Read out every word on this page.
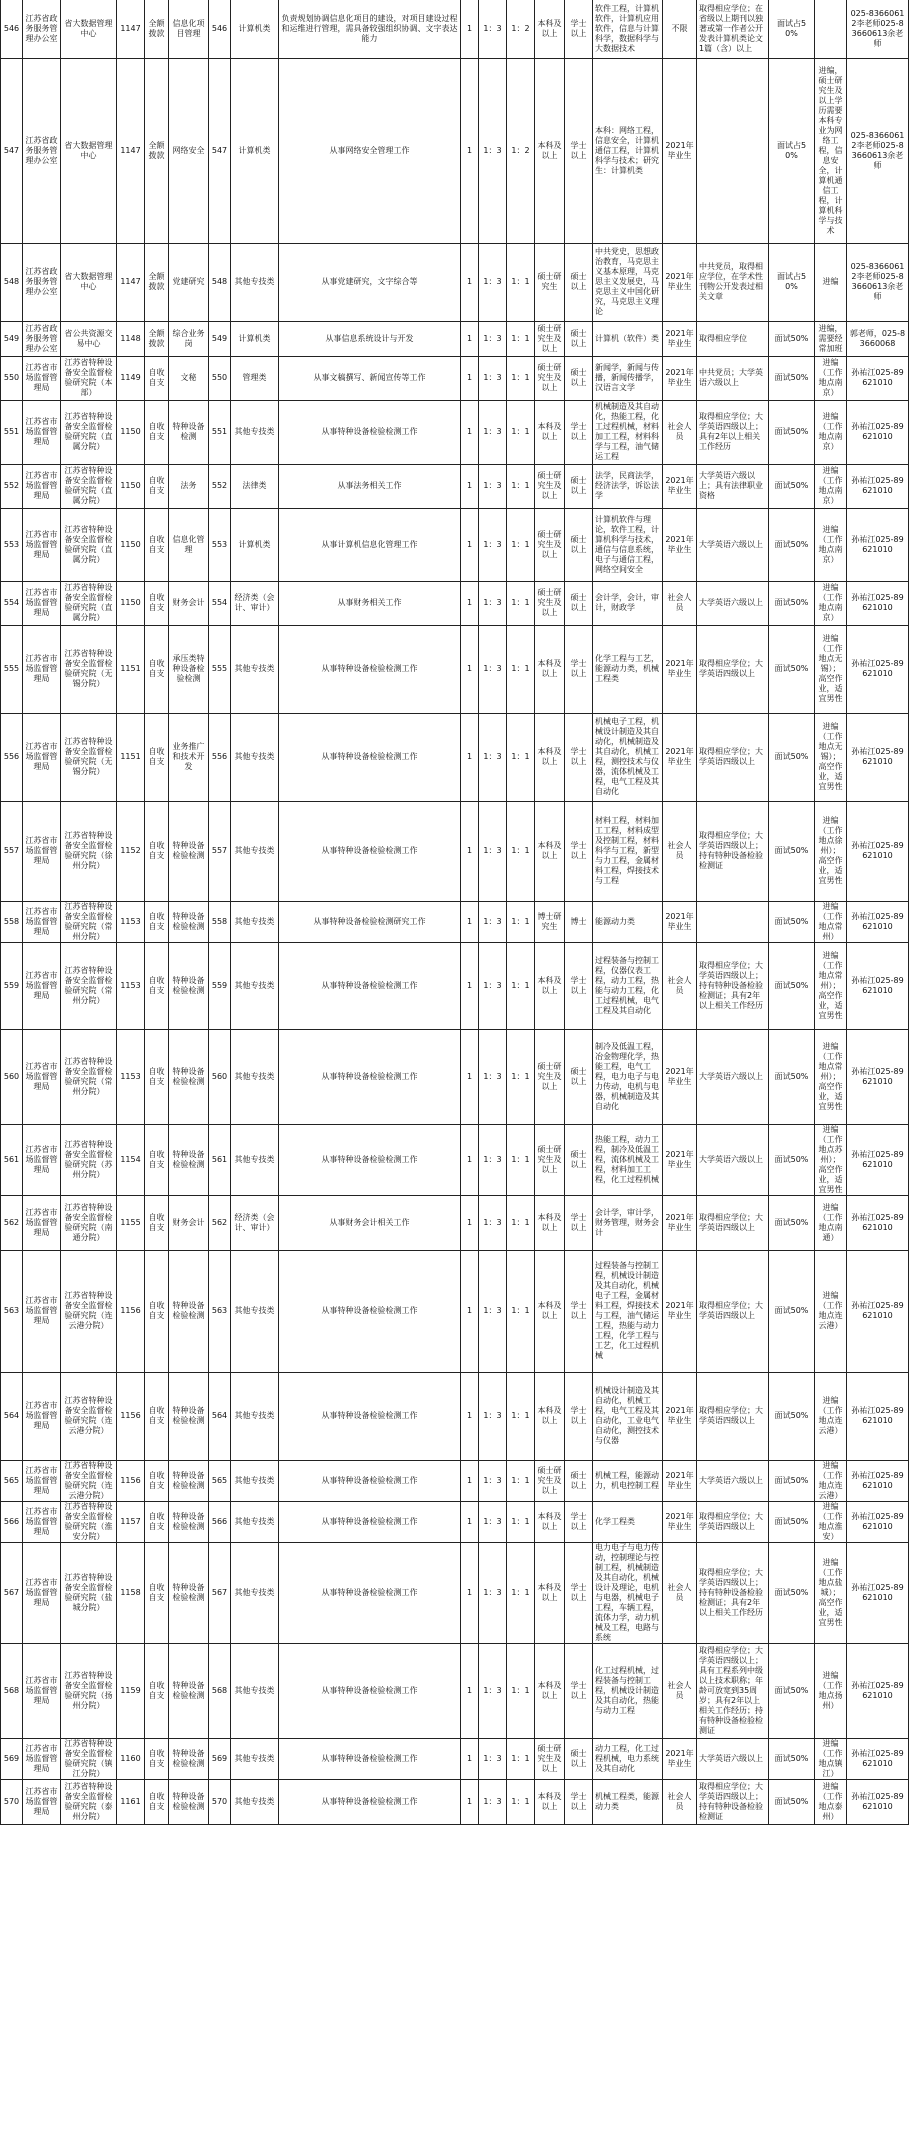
546	江苏省政务服务管理办公室	省大数据管理中心	1147	全额拨款	信息化项目管理	546	计算机类	负责规划协调信息化项目的建设，对项目建设过程和运维进行管理，需具备较强组织协调、文字表达能力	1	1：3	1：2	本科及以上	学士以上	软件工程，计算机软件，计算机应用软件，信息与计算科学，数据科学与大数据技术	不限	取得相应学位；在省级以上期刊以独著或第一作者公开发表计算机类论文1篇（含）以上	面试占50%		025-83660612李老师025-83660613余老师
547	江苏省政务服务管理办公室	省大数据管理中心	1147	全额拨款	网络安全	547	计算机类	从事网络安全管理工作	1	1：3	1：2	本科及以上	学士以上	本科：网络工程，信息安全，计算机通信工程，计算机科学与技术；研究生：计算机类	2021年毕业生		面试占50%	进编，硕士研究生及以上学历需要本科专业为网络工程，信息安全，计算机通信工程，计算机科学与技术	025-83660612李老师025-83660613余老师
548	江苏省政务服务管理办公室	省大数据管理中心	1147	全额拨款	党建研究	548	其他专技类	从事党建研究，文字综合等	1	1：3	1：1	硕士研究生	硕士以上	中共党史，思想政治教育，马克思主义基本原理，马克思主义发展史，马克思主义中国化研究，马克思主义理论	2021年毕业生	中共党员，取得相应学位，在学术性刊物公开发表过相关文章	面试占50%	进编	025-83660612李老师025-83660613余老师
549	江苏省政务服务管理办公室	省公共资源交易中心	1148	全额拨款	综合业务岗	549	计算机类	从事信息系统设计与开发	1	1：3	1：1	硕士研究生及以上	硕士以上	计算机（软件）类	2021年毕业生	取得相应学位	面试50%	进编，需要经常加班	郭老师，025-83660068
550	江苏省市场监督管理局	江苏省特种设备安全监督检验研究院（本部）	1149	自收自支	文秘	550	管理类	从事文稿撰写、新闻宣传等工作	1	1：3	1：1	硕士研究生及以上	硕士以上	新闻学，新闻与传播，新闻传播学，汉语言文学	2021年毕业生	中共党员；大学英语六级以上	面试50%	进编（工作地点南京）	孙祐江025-89621010
551	江苏省市场监督管理局	江苏省特种设备安全监督检验研究院（直属分院）	1150	自收自支	特种设备检测	551	其他专技类	从事特种设备检验检测工作	1	1：3	1：1	本科及以上	学士以上	机械制造及其自动化，热能工程，化工过程机械，材料加工工程，材料科学与工程，油气储运工程	社会人员	取得相应学位；大学英语四级以上；具有2年以上相关工作经历	面试50%	进编（工作地点南京）	孙祐江025-89621010
552	江苏省市场监督管理局	江苏省特种设备安全监督检验研究院（直属分院）	1150	自收自支	法务	552	法律类	从事法务相关工作	1	1：3	1：1	硕士研究生及以上	硕士以上	法学，民商法学，经济法学，诉讼法学	2021年毕业生	大学英语六级以上；具有法律职业资格	面试50%	进编（工作地点南京）	孙祐江025-89621010
553	江苏省市场监督管理局	江苏省特种设备安全监督检验研究院（直属分院）	1150	自收自支	信息化管理	553	计算机类	从事计算机信息化管理工作	1	1：3	1：1	硕士研究生及以上	硕士以上	计算机软件与理论，软件工程，计算机科学与技术，通信与信息系统，电子与通信工程，网络空间安全	2021年毕业生	大学英语六级以上	面试50%	进编（工作地点南京）	孙祐江025-89621010
554	江苏省市场监督管理局	江苏省特种设备安全监督检验研究院（直属分院）	1150	自收自支	财务会计	554	经济类（会计、审计）	从事财务相关工作	1	1：3	1：1	硕士研究生及以上	硕士以上	会计学，会计，审计，财政学	社会人员	大学英语六级以上	面试50%	进编（工作地点南京）	孙祐江025-89621010
555	江苏省市场监督管理局	江苏省特种设备安全监督检验研究院（无锡分院）	1151	自收自支	承压类特种设备检验检测	555	其他专技类	从事特种设备检验检测工作	1	1：3	1：1	本科及以上	学士以上	化学工程与工艺，能源动力类，机械工程类	2021年毕业生	取得相应学位；大学英语四级以上	面试50%	进编（工作地点无锡）；高空作业，适宜男性	孙祐江025-89621010
556	江苏省市场监督管理局	江苏省特种设备安全监督检验研究院（无锡分院）	1151	自收自支	业务推广和技术开发	556	其他专技类	从事特种设备检验检测工作	1	1：3	1：1	本科及以上	学士以上	机械电子工程，机械设计制造及其自动化，机械制造及其自动化，机械工程，测控技术与仪器，流体机械及工程，电气工程及其自动化	2021年毕业生	取得相应学位；大学英语四级以上	面试50%	进编（工作地点无锡）；高空作业，适宜男性	孙祐江025-89621010
557	江苏省市场监督管理局	江苏省特种设备安全监督检验研究院（徐州分院）	1152	自收自支	特种设备检验检测	557	其他专技类	从事特种设备检验检测工作	1	1：3	1：1	本科及以上	学士以上	材料工程，材料加工工程，材料成型及控制工程，材料科学与工程，新型与力工程，金属材料工程，焊接技术与工程	社会人员	取得相应学位；大学英语四级以上；持有特种设备检验检测证	面试50%	进编（工作地点徐州）；高空作业，适宜男性	孙祐江025-89621010
558	江苏省市场监督管理局	江苏省特种设备安全监督检验研究院（常州分院）	1153	自收自支	特种设备检验检测	558	其他专技类	从事特种设备检验检测研究工作	1	1：3	1：1	博士研究生	博士	能源动力类	2021年毕业生		面试50%	进编（工作地点常州）	孙祐江025-89621010
559	江苏省市场监督管理局	江苏省特种设备安全监督检验研究院（常州分院）	1153	自收自支	特种设备检验检测	559	其他专技类	从事特种设备检验检测工作	1	1：3	1：1	本科及以上	学士以上	过程装备与控制工程，仪器仪表工程，动力工程，热能与动力工程，化工过程机械，电气工程及其自动化	社会人员	取得相应学位；大学英语四级以上；持有特种设备检验检测证；具有2年以上相关工作经历	面试50%	进编（工作地点常州）；高空作业，适宜男性	孙祐江025-89621010
560	江苏省市场监督管理局	江苏省特种设备安全监督检验研究院（常州分院）	1153	自收自支	特种设备检验检测	560	其他专技类	从事特种设备检验检测工作	1	1：3	1：1	硕士研究生及以上	硕士以上	制冷及低温工程，冶金物理化学，热能工程，电气工程，电力电子与电力传动，电机与电器，机械制造及其自动化	2021年毕业生	大学英语六级以上	面试50%	进编（工作地点常州）；高空作业，适宜男性	孙祐江025-89621010
561	江苏省市场监督管理局	江苏省特种设备安全监督检验研究院（苏州分院）	1154	自收自支	特种设备检验检测	561	其他专技类	从事特种设备检验检测工作	1	1：3	1：1	硕士研究生及以上	硕士以上	热能工程，动力工程，制冷及低温工程，流体机械及工程，材料加工工程，化工过程机械	2021年毕业生	大学英语六级以上	面试50%	进编（工作地点苏州）；高空作业，适宜男性	孙祐江025-89621010
562	江苏省市场监督管理局	江苏省特种设备安全监督检验研究院（南通分院）	1155	自收自支	财务会计	562	经济类（会计、审计）	从事财务会计相关工作	1	1：3	1：1	本科及以上	学士以上	会计学，审计学，财务管理，财务会计	2021年毕业生	取得相应学位；大学英语四级以上	面试50%	进编（工作地点南通）	孙祐江025-89621010
563	江苏省市场监督管理局	江苏省特种设备安全监督检验研究院（连云港分院）	1156	自收自支	特种设备检验检测	563	其他专技类	从事特种设备检验检测工作	1	1：3	1：1	本科及以上	学士以上	过程装备与控制工程，机械设计制造及其自动化，机械电子工程，金属材料工程，焊接技术与工程，油气储运工程，热能与动力工程，化学工程与工艺，化工过程机械	2021年毕业生	取得相应学位；大学英语四级以上	面试50%	进编（工作地点连云港）	孙祐江025-89621010
564	江苏省市场监督管理局	江苏省特种设备安全监督检验研究院（连云港分院）	1156	自收自支	特种设备检验检测	564	其他专技类	从事特种设备检验检测工作	1	1：3	1：1	本科及以上	学士以上	机械设计制造及其自动化，机械工程，电气工程及其自动化，工业电气自动化，测控技术与仪器	2021年毕业生	取得相应学位；大学英语四级以上	面试50%	进编（工作地点连云港）	孙祐江025-89621010
565	江苏省市场监督管理局	江苏省特种设备安全监督检验研究院（连云港分院）	1156	自收自支	特种设备检验检测	565	其他专技类	从事特种设备检验检测工作	1	1：3	1：1	硕士研究生及以上	硕士以上	机械工程，能源动力，机电控制工程	2021年毕业生	大学英语六级以上	面试50%	进编（工作地点连云港）	孙祐江025-89621010
566	江苏省市场监督管理局	江苏省特种设备安全监督检验研究院（淮安分院）	1157	自收自支	特种设备检验检测	566	其他专技类	从事特种设备检验检测工作	1	1：3	1：1	本科及以上	学士以上	化学工程类	2021年毕业生	取得相应学位；大学英语四级以上	面试50%	进编（工作地点淮安）	孙祐江025-89621010
567	江苏省市场监督管理局	江苏省特种设备安全监督检验研究院（盐城分院）	1158	自收自支	特种设备检验检测	567	其他专技类	从事特种设备检验检测工作	1	1：3	1：1	本科及以上	学士以上	电力电子与电力传动，控制理论与控制工程，机械制造及其自动化，机械设计及理论，电机与电器，机械电子工程，车辆工程，流体力学，动力机械及工程，电路与系统	社会人员	取得相应学位；大学英语四级以上；持有特种设备检验检测证；具有2年以上相关工作经历	面试50%	进编（工作地点盐城）；高空作业，适宜男性	孙祐江025-89621010
568	江苏省市场监督管理局	江苏省特种设备安全监督检验研究院（扬州分院）	1159	自收自支	特种设备检验检测	568	其他专技类	从事特种设备检验检测工作	1	1：3	1：1	本科及以上	学士以上	化工过程机械，过程装备与控制工程，机械设计制造及其自动化，热能与动力工程	社会人员	取得相应学位；大学英语四级以上；具有工程系列中级以上技术职称；年龄可放宽到35周岁；具有2年以上相关工作经历；持有特种设备检验检测证	面试50%	进编（工作地点扬州）	孙祐江025-89621010
569	江苏省市场监督管理局	江苏省特种设备安全监督检验研究院（镇江分院）	1160	自收自支	特种设备检验检测	569	其他专技类	从事特种设备检验检测工作	1	1：3	1：1	硕士研究生及以上	硕士以上	动力工程，化工过程机械，电力系统及其自动化	2021年毕业生	大学英语六级以上	面试50%	进编（工作地点镇江）	孙祐江025-89621010
570	江苏省市场监督管理局	江苏省特种设备安全监督检验研究院（泰州分院）	1161	自收自支	特种设备检验检测	570	其他专技类	从事特种设备检验检测工作	1	1：3	1：1	本科及以上	学士以上	机械工程类，能源动力类	社会人员	取得相应学位；大学英语四级以上；持有特种设备检验检测证	面试50%	进编（工作地点泰州）	孙祐江025-89621010
